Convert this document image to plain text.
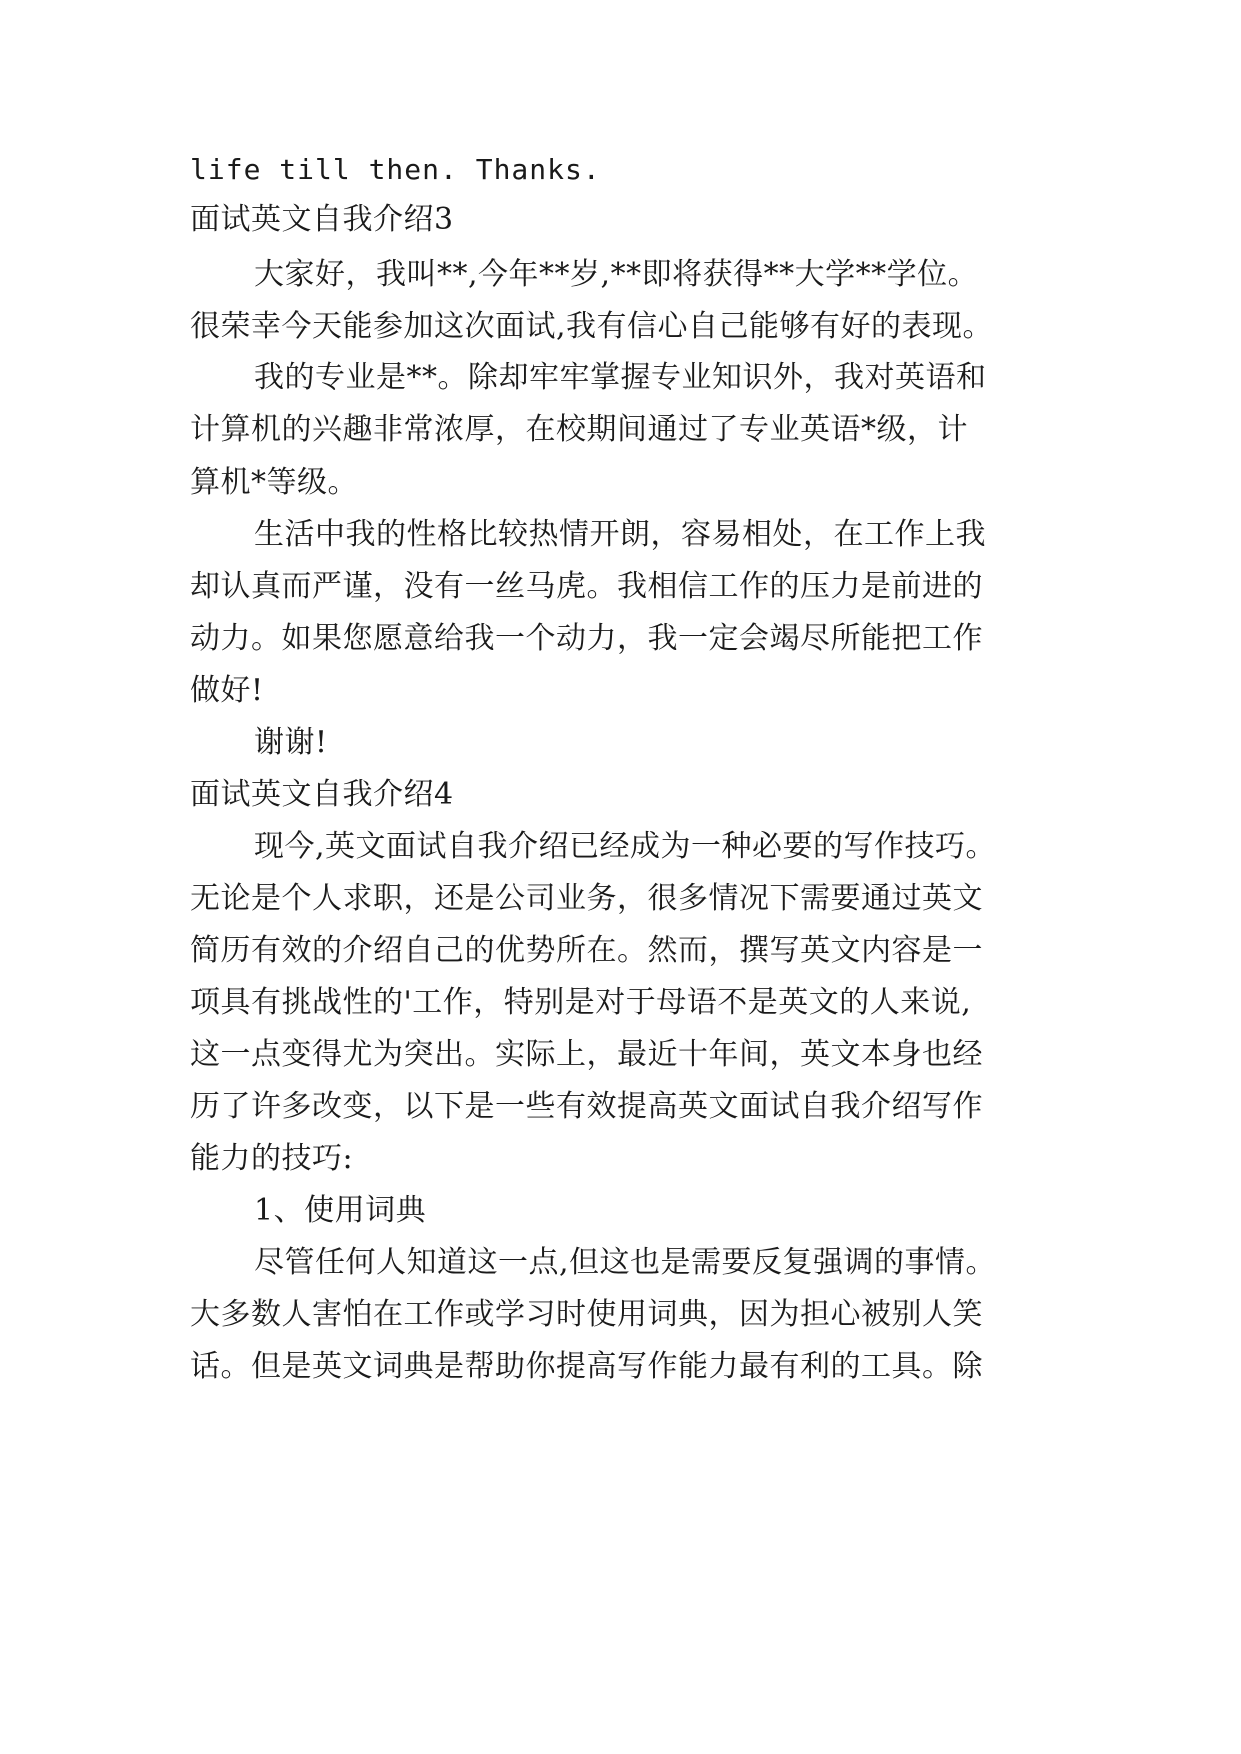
life till then. Thanks.
面试英文自我介绍3
大家好，我叫**,今年**岁,**即将获得**大学**学位。
很荣幸今天能参加这次面试,我有信心自己能够有好的表现。
我的专业是**。除却牢牢掌握专业知识外，我对英语和
计算机的兴趣非常浓厚，在校期间通过了专业英语*级，计
算机*等级。
生活中我的性格比较热情开朗，容易相处，在工作上我
却认真而严谨，没有一丝马虎。我相信工作的压力是前进的
动力。如果您愿意给我一个动力，我一定会竭尽所能把工作
做好!
谢谢!
面试英文自我介绍4
现今,英文面试自我介绍已经成为一种必要的写作技巧。
无论是个人求职，还是公司业务，很多情况下需要通过英文
简历有效的介绍自己的优势所在。然而，撰写英文内容是一
项具有挑战性的'工作，特别是对于母语不是英文的人来说,
这一点变得尤为突出。实际上，最近十年间，英文本身也经
历了许多改变，以下是一些有效提高英文面试自我介绍写作
能力的技巧:
1、使用词典
尽管任何人知道这一点,但这也是需要反复强调的事情。
大多数人害怕在工作或学习时使用词典，因为担心被别人笑
话。但是英文词典是帮助你提高写作能力最有利的工具。除
